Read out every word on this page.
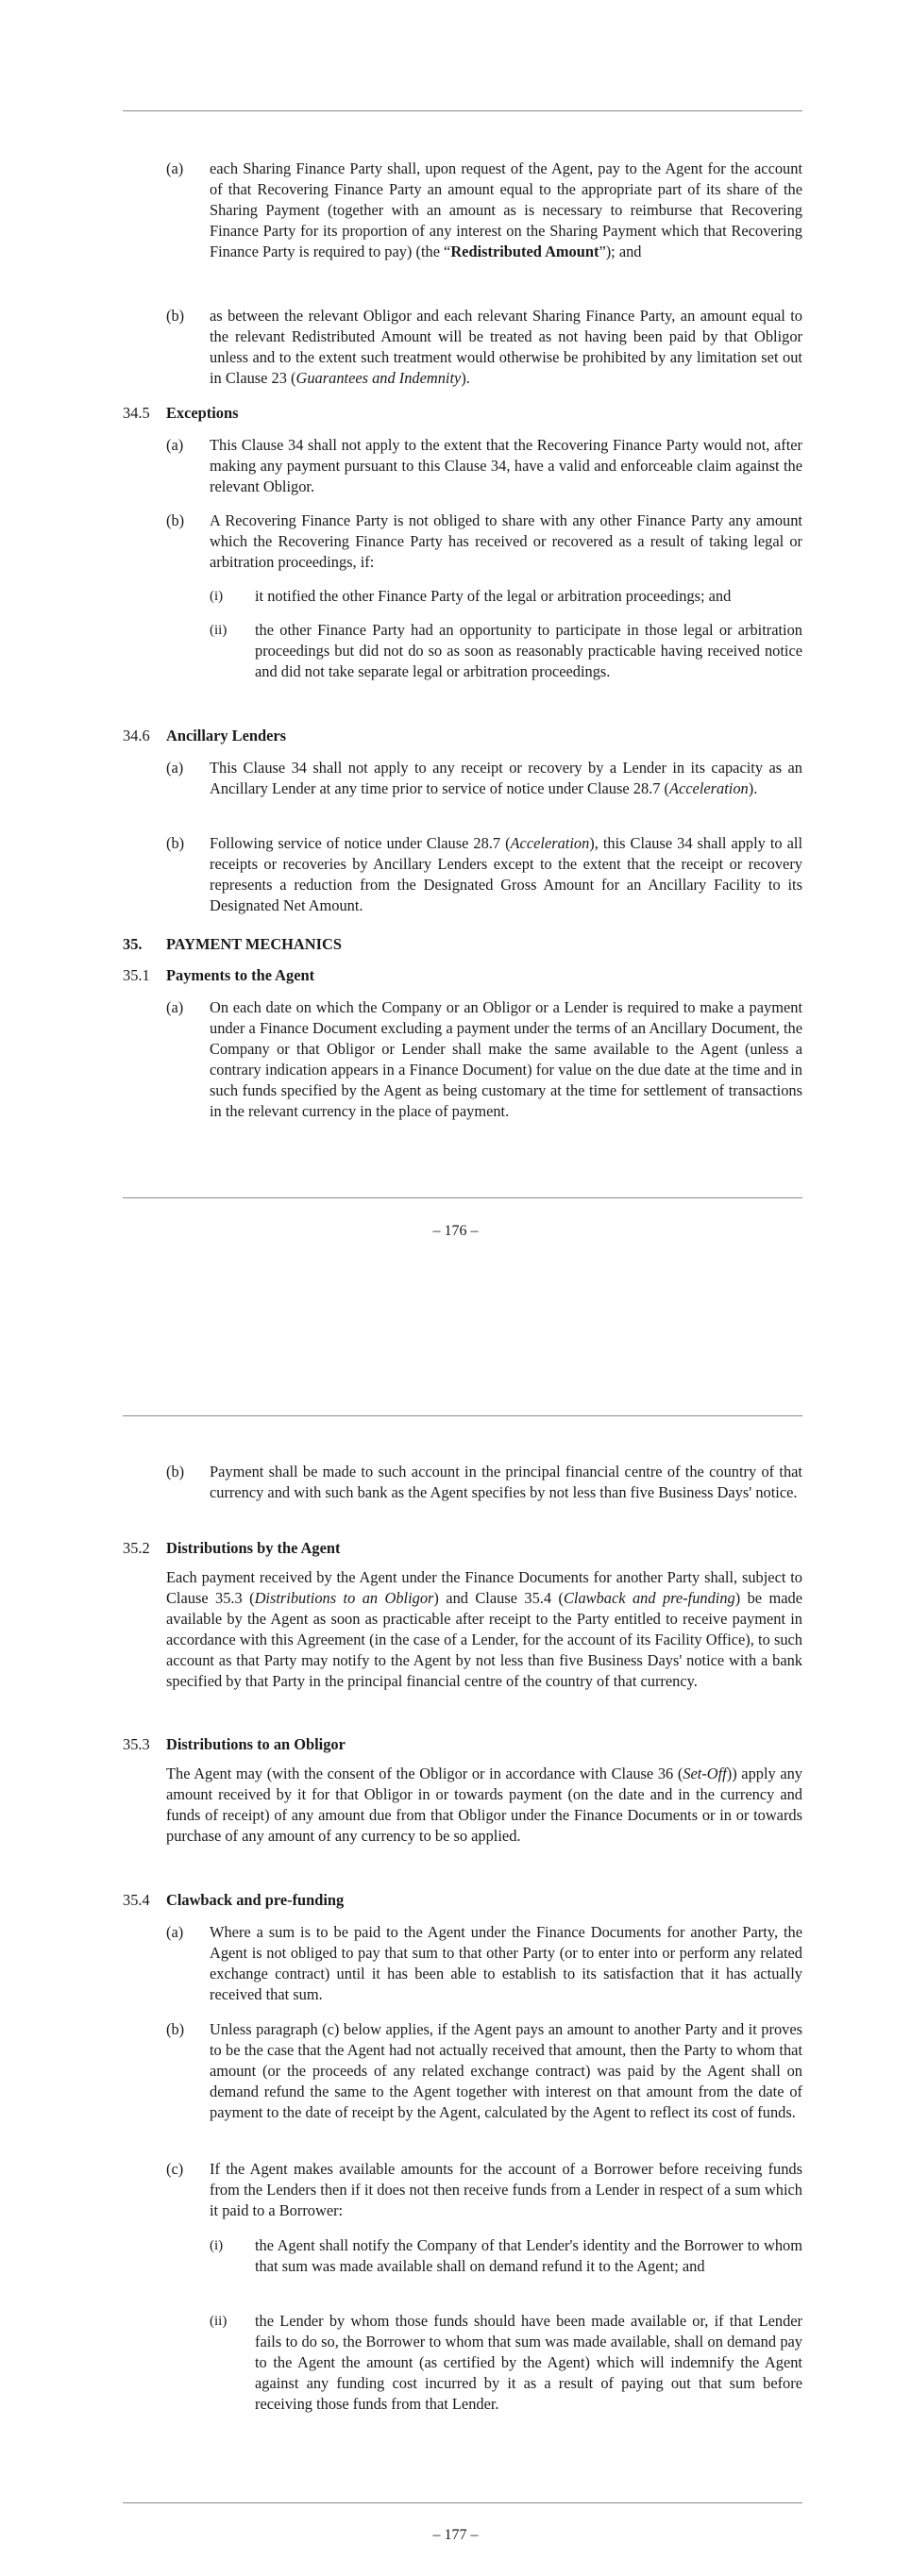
(a) each Sharing Finance Party shall, upon request of the Agent, pay to the Agent for the account of that Recovering Finance Party an amount equal to the appropriate part of its share of the Sharing Payment (together with an amount as is necessary to reimburse that Recovering Finance Party for its proportion of any interest on the Sharing Payment which that Recovering Finance Party is required to pay) (the “Redistributed Amount”); and

(b) as between the relevant Obligor and each relevant Sharing Finance Party, an amount equal to the relevant Redistributed Amount will be treated as not having been paid by that Obligor unless and to the extent such treatment would otherwise be prohibited by any limitation set out in Clause 23 (Guarantees and Indemnity).

34.5 Exceptions
(a) This Clause 34 shall not apply to the extent that the Recovering Finance Party would not, after making any payment pursuant to this Clause 34, have a valid and enforceable claim against the relevant Obligor.

(b) A Recovering Finance Party is not obliged to share with any other Finance Party any amount which the Recovering Finance Party has received or recovered as a result of taking legal or arbitration proceedings, if:

(i) it notified the other Finance Party of the legal or arbitration proceedings; and

(ii) the other Finance Party had an opportunity to participate in those legal or arbitration proceedings but did not do so as soon as reasonably practicable having received notice and did not take separate legal or arbitration proceedings.

34.6 Ancillary Lenders
(a) This Clause 34 shall not apply to any receipt or recovery by a Lender in its capacity as an Ancillary Lender at any time prior to service of notice under Clause 28.7 (Acceleration).

(b) Following service of notice under Clause 28.7 (Acceleration), this Clause 34 shall apply to all receipts or recoveries by Ancillary Lenders except to the extent that the receipt or recovery represents a reduction from the Designated Gross Amount for an Ancillary Facility to its Designated Net Amount.

35. PAYMENT MECHANICS
35.1 Payments to the Agent
(a) On each date on which the Company or an Obligor or a Lender is required to make a payment under a Finance Document excluding a payment under the terms of an Ancillary Document, the Company or that Obligor or Lender shall make the same available to the Agent (unless a contrary indication appears in a Finance Document) for value on the due date at the time and in such funds specified by the Agent as being customary at the time for settlement of transactions in the relevant currency in the place of payment.

– 176 –
(b) Payment shall be made to such account in the principal financial centre of the country of that currency and with such bank as the Agent specifies by not less than five Business Days' notice.

35.2 Distributions by the Agent

Each payment received by the Agent under the Finance Documents for another Party shall, subject to Clause 35.3 (Distributions to an Obligor) and Clause 35.4 (Clawback and pre-funding) be made available by the Agent as soon as practicable after receipt to the Party entitled to receive payment in accordance with this Agreement (in the case of a Lender, for the account of its Facility Office), to such account as that Party may notify to the Agent by not less than five Business Days' notice with a bank specified by that Party in the principal financial centre of the country of that currency.

35.3 Distributions to an Obligor

The Agent may (with the consent of the Obligor or in accordance with Clause 36 (Set-Off)) apply any amount received by it for that Obligor in or towards payment (on the date and in the currency and funds of receipt) of any amount due from that Obligor under the Finance Documents or in or towards purchase of any amount of any currency to be so applied.

35.4 Clawback and pre-funding
(a) Where a sum is to be paid to the Agent under the Finance Documents for another Party, the Agent is not obliged to pay that sum to that other Party (or to enter into or perform any related exchange contract) until it has been able to establish to its satisfaction that it has actually received that sum.

(b) Unless paragraph (c) below applies, if the Agent pays an amount to another Party and it proves to be the case that the Agent had not actually received that amount, then the Party to whom that amount (or the proceeds of any related exchange contract) was paid by the Agent shall on demand refund the same to the Agent together with interest on that amount from the date of payment to the date of receipt by the Agent, calculated by the Agent to reflect its cost of funds.

(c) If the Agent makes available amounts for the account of a Borrower before receiving funds from the Lenders then if it does not then receive funds from a Lender in respect of a sum which it paid to a Borrower:

(i) the Agent shall notify the Company of that Lender's identity and the Borrower to whom that sum was made available shall on demand refund it to the Agent; and

(ii) the Lender by whom those funds should have been made available or, if that Lender fails to do so, the Borrower to whom that sum was made available, shall on demand pay to the Agent the amount (as certified by the Agent) which will indemnify the Agent against any funding cost incurred by it as a result of paying out that sum before receiving those funds from that Lender.

– 177 –
